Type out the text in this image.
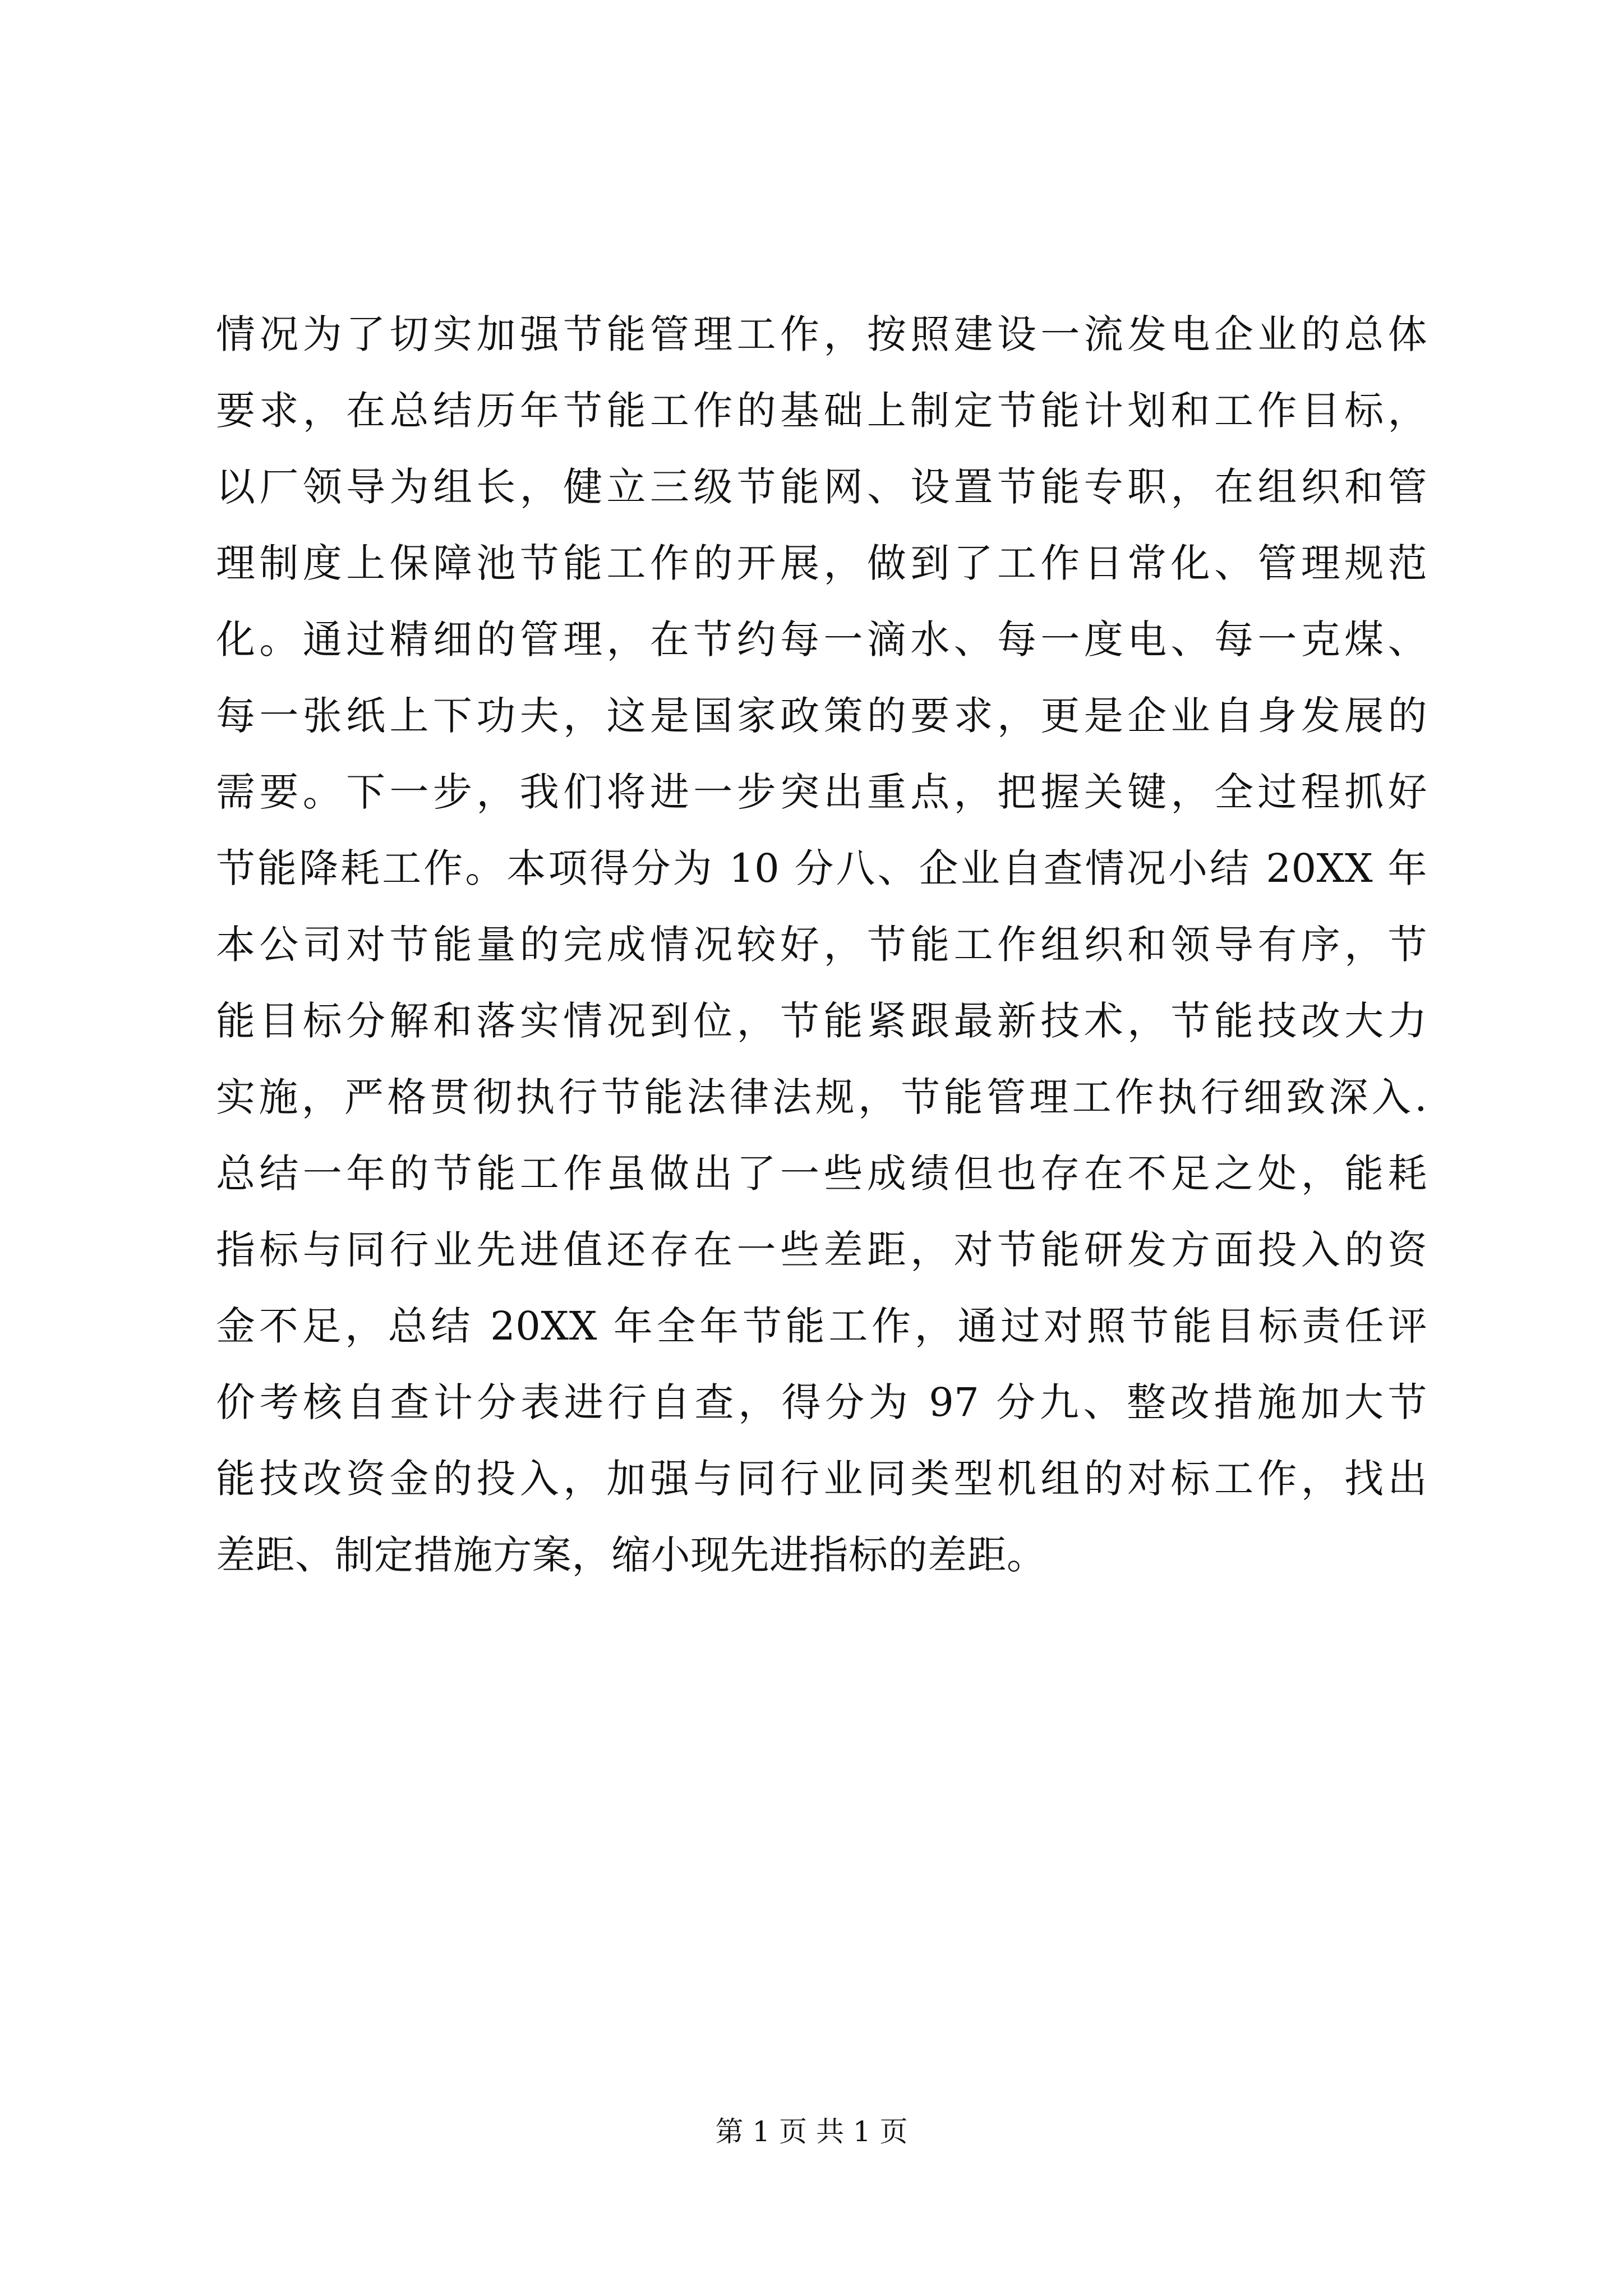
情况为了切实加强节能管理工作，按照建设一流发电企业的总体
要求，在总结历年节能工作的基础上制定节能计划和工作目标，
以厂领导为组长，健立三级节能网、设置节能专职，在组织和管
理制度上保障池节能工作的开展，做到了工作日常化、管理规范
化。通过精细的管理，在节约每一滴水、每一度电、每一克煤、
每一张纸上下功夫，这是国家政策的要求，更是企业自身发展的
需要。下一步，我们将进一步突出重点，把握关键，全过程抓好
节能降耗工作。本项得分为 10 分八、企业自查情况小结 20XX 年
本公司对节能量的完成情况较好，节能工作组织和领导有序，节
能目标分解和落实情况到位，节能紧跟最新技术，节能技改大力
实施，严格贯彻执行节能法律法规，节能管理工作执行细致深入.
总结一年的节能工作虽做出了一些成绩但也存在不足之处，能耗
指标与同行业先进值还存在一些差距，对节能研发方面投入的资
金不足，总结 20XX 年全年节能工作，通过对照节能目标责任评
价考核自查计分表进行自查，得分为 97 分九、整改措施加大节
能技改资金的投入，加强与同行业同类型机组的对标工作，找出
差距、制定措施方案，缩小现先进指标的差距。
第 1 页 共 1 页
